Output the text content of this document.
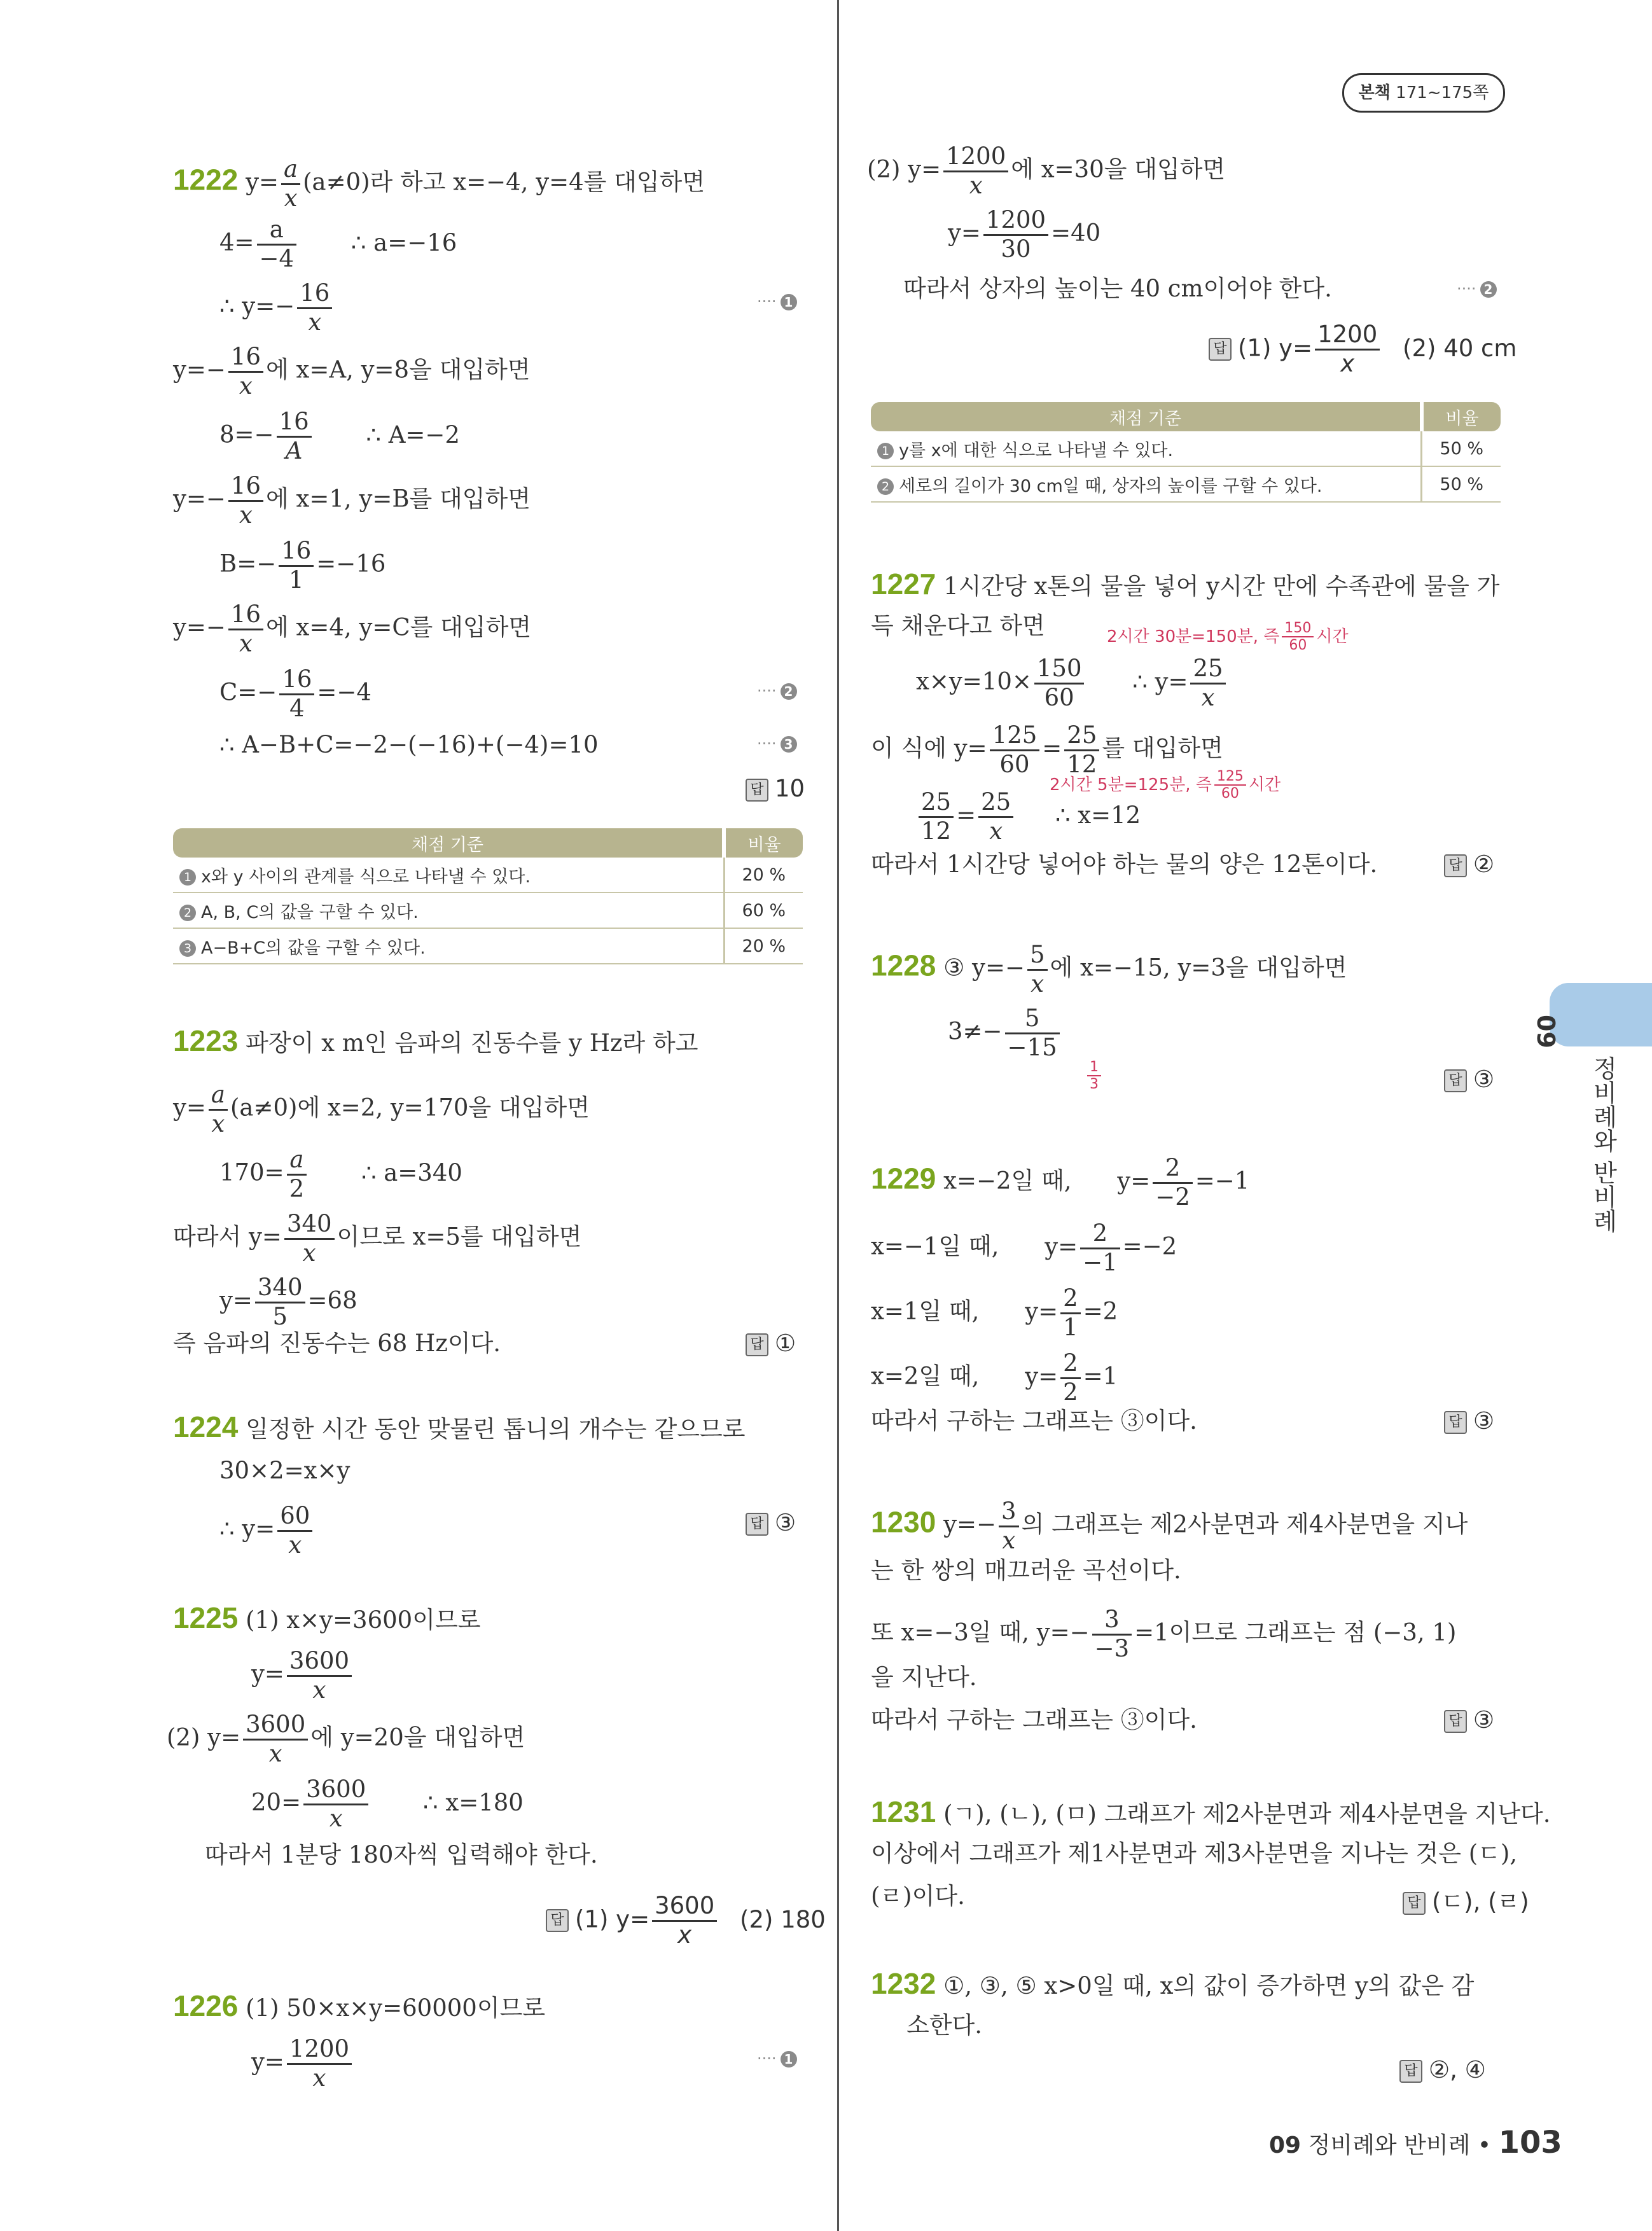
본책 171~175쪽
09
정비례와 반비례
1222 $y= \frac{a}{x} (a\ne 0)$라 하고 x=−4, y=4를 대입하면
$4= \frac{a}{-4}$ ∴ a=−16
∴ $y=- \frac{16}{x}$	···· 1
$y=- \frac{16}{x}$ 에 x=A, y=8을 대입하면
$8=- \frac{16}{A}$ ∴ A=−2
$y=- \frac{16}{x}$ 에 x=1, y=B를 대입하면
$B=- \frac{16}{1} =-16$
$y=- \frac{16}{x}$ 에 x=4, y=C를 대입하면
$C=- \frac{16}{4} =-4$	···· 2
∴ A−B+C=−2−(−16)+(−4)=10	···· 3
답 10
채점 기준	비율
1 x와 y 사이의 관계를 식으로 나타낼 수 있다.	20 %
2 A, B, C의 값을 구할 수 있다.	60 %
3 A−B+C의 값을 구할 수 있다.	20 %
1223 파장이 x m인 음파의 진동수를 y Hz라 하고
$y= \frac{a}{x} (a\ne 0)$에 x=2, y=170을 대입하면
$170= \frac{a}{2}$ ∴ a=340
따라서 $y= \frac{340}{x}$ 이므로 x=5를 대입하면
$y= \frac{340}{5} =68$
즉 음파의 진동수는 68 Hz이다.	답 ①
1224 일정한 시간 동안 맞물린 톱니의 개수는 같으므로
30×2=x×y
∴ $y= \frac{60}{x}$	답 ③
1225 (1) x×y=3600이므로
$y= \frac{3600}{x}$
(2) $y= \frac{3600}{x}$ 에 y=20을 대입하면
$20= \frac{3600}{x}$ ∴ x=180
따라서 1분당 180자씩 입력해야 한다.
답 (1) $y= \frac{3600}{x} (2)$ 180
1226 (1) 50×x×y=60000이므로
$y= \frac{1200}{x}$	···· 1
(2) $y= \frac{1200}{x}$ 에 x=30을 대입하면
$y= \frac{1200}{30} =40$
따라서 상자의 높이는 40 cm이어야 한다.	···· 2
답 (1) $y= \frac{1200}{x} (2)$ 40 cm
채점 기준	비율
1 y를 x에 대한 식으로 나타낼 수 있다.	50 %
2 세로의 길이가 30 cm일 때, 상자의 높이를 구할 수 있다.	50 %
1227 1시간당 x톤의 물을 넣어 y시간 만에 수족관에 물을 가
득 채운다고 하면	2시간 30분=150분, 즉 $\frac{150}{60}$ 시간
$x\times y=10\times \frac{150}{60}$ ∴ $y= \frac{25}{x}$
이 식에 $y= \frac{125}{60} = \frac{25}{12}$ 를 대입하면
2시간 5분=125분, 즉 $\frac{125}{60}$ 시간
$\frac{25}{12} = \frac{25}{x}$ ∴ x=12
따라서 1시간당 넣어야 하는 물의 양은 12톤이다.	답 ②
1228 ③ $y=- \frac{5}{x}$ 에 x=−15, y=3을 대입하면
$3\ne- \frac{5}{-15}$
$\frac{1}{3}$	답 ③
1229 x=−2일 때, $y= \frac{2}{-2} =-1$
x=−1일 때, $y= \frac{2}{-1} =-2$
x=1일 때, $y= \frac{2}{1} =2$
x=2일 때, $y= \frac{2}{2} =1$
따라서 구하는 그래프는 ③이다.	답 ③
1230 $y=- \frac{3}{x}$ 의 그래프는 제2사분면과 제4사분면을 지나
는 한 쌍의 매끄러운 곡선이다.
또 x=−3일 때, $y=- \frac{3}{-3} =1$이므로 그래프는 점 (−3, 1)
을 지난다.
따라서 구하는 그래프는 ③이다.	답 ③
1231 (ㄱ), (ㄴ), (ㅁ) 그래프가 제2사분면과 제4사분면을 지난다.
이상에서 그래프가 제1사분면과 제3사분면을 지나는 것은 (ㄷ),
(ㄹ)이다.	답 (ㄷ), (ㄹ)
1232 ①, ③, ⑤ x>0일 때, x의 값이 증가하면 y의 값은 감
소한다.
답 ②, ④
09 정비례와 반비례 • 103
